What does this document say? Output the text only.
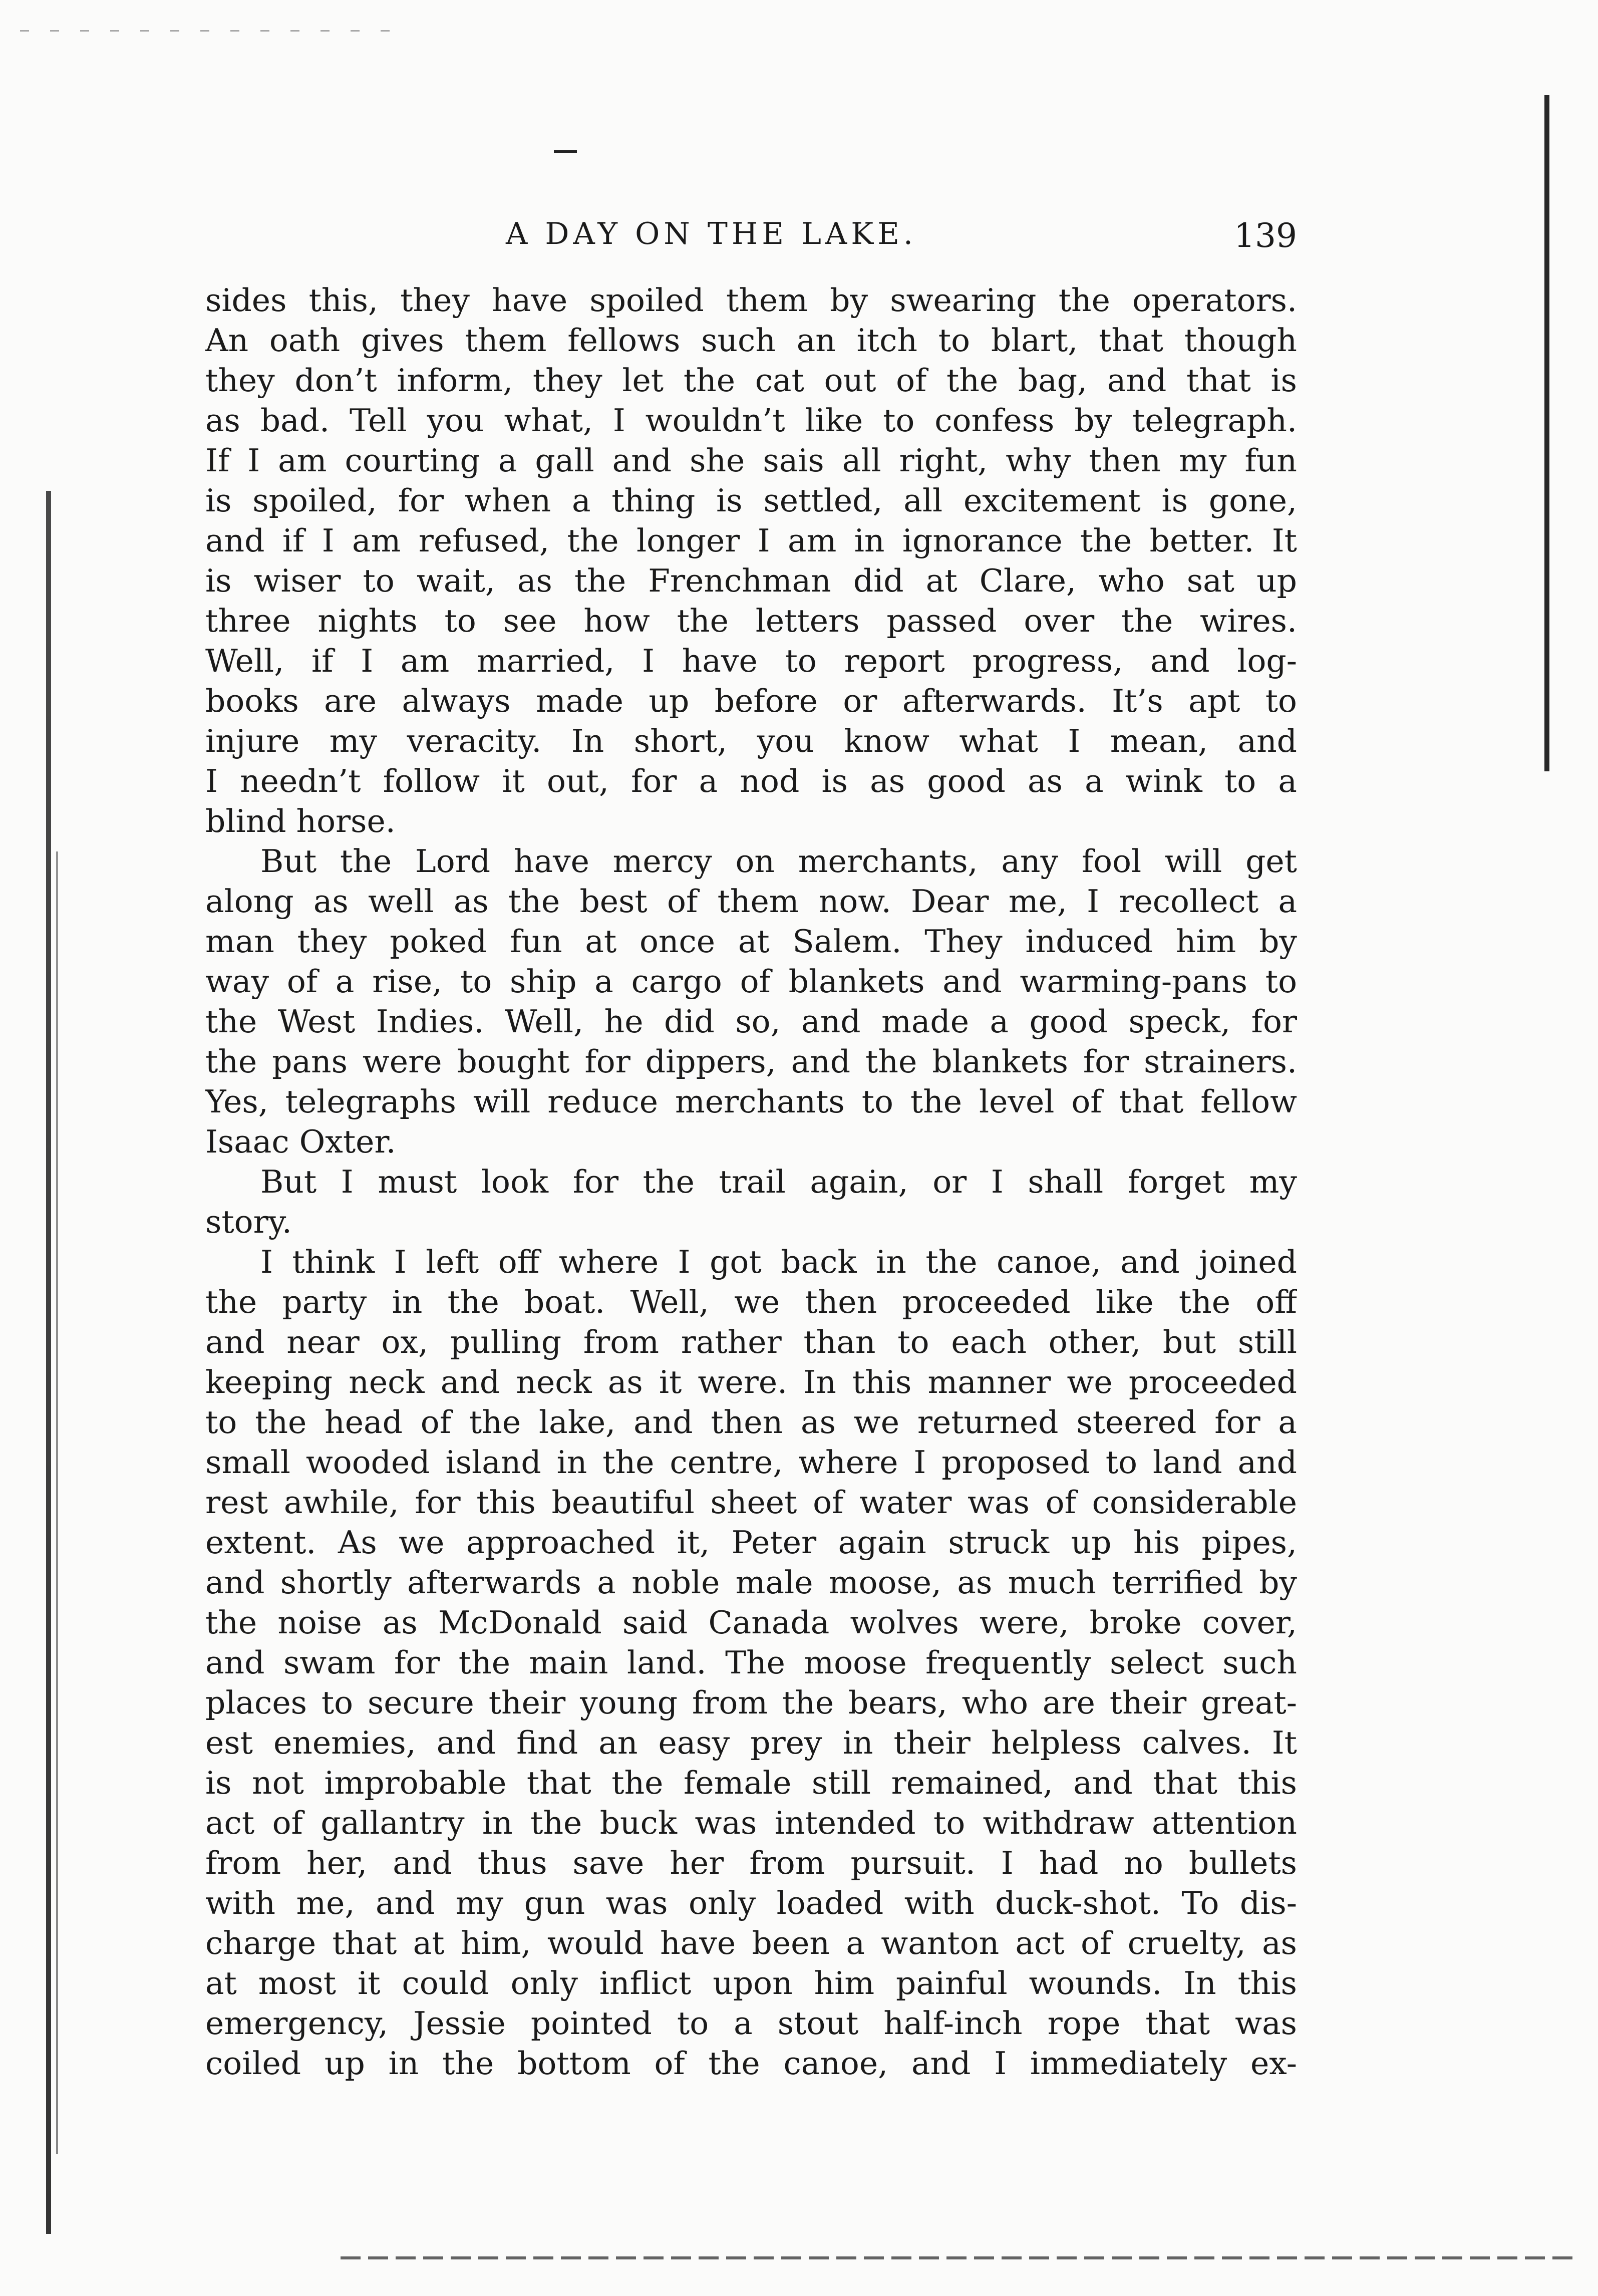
A DAY ON THE LAKE.	139
sides this, they have spoiled them by swearing the operators.
An oath gives them fellows such an itch to blart, that though
they don’t inform, they let the cat out of the bag, and that is
as bad. Tell you what, I wouldn’t like to confess by telegraph.
If I am courting a gall and she sais all right, why then my fun
is spoiled, for when a thing is settled, all excitement is gone,
and if I am refused, the longer I am in ignorance the better. It
is wiser to wait, as the Frenchman did at Clare, who sat up
three nights to see how the letters passed over the wires.
Well, if I am married, I have to report progress, and log-
books are always made up before or afterwards. It’s apt to
injure my veracity. In short, you know what I mean, and
I needn’t follow it out, for a nod is as good as a wink to a
blind horse.
But the Lord have mercy on merchants, any fool will get
along as well as the best of them now. Dear me, I recollect a
man they poked fun at once at Salem. They induced him by
way of a rise, to ship a cargo of blankets and warming-pans to
the West Indies. Well, he did so, and made a good speck, for
the pans were bought for dippers, and the blankets for strainers.
Yes, telegraphs will reduce merchants to the level of that fellow
Isaac Oxter.
But I must look for the trail again, or I shall forget my
story.
I think I left off where I got back in the canoe, and joined
the party in the boat. Well, we then proceeded like the off
and near ox, pulling from rather than to each other, but still
keeping neck and neck as it were. In this manner we proceeded
to the head of the lake, and then as we returned steered for a
small wooded island in the centre, where I proposed to land and
rest awhile, for this beautiful sheet of water was of considerable
extent. As we approached it, Peter again struck up his pipes,
and shortly afterwards a noble male moose, as much terrified by
the noise as McDonald said Canada wolves were, broke cover,
and swam for the main land. The moose frequently select such
places to secure their young from the bears, who are their great-
est enemies, and find an easy prey in their helpless calves. It
is not improbable that the female still remained, and that this
act of gallantry in the buck was intended to withdraw attention
from her, and thus save her from pursuit. I had no bullets
with me, and my gun was only loaded with duck-shot. To dis-
charge that at him, would have been a wanton act of cruelty, as
at most it could only inflict upon him painful wounds. In this
emergency, Jessie pointed to a stout half-inch rope that was
coiled up in the bottom of the canoe, and I immediately ex-
